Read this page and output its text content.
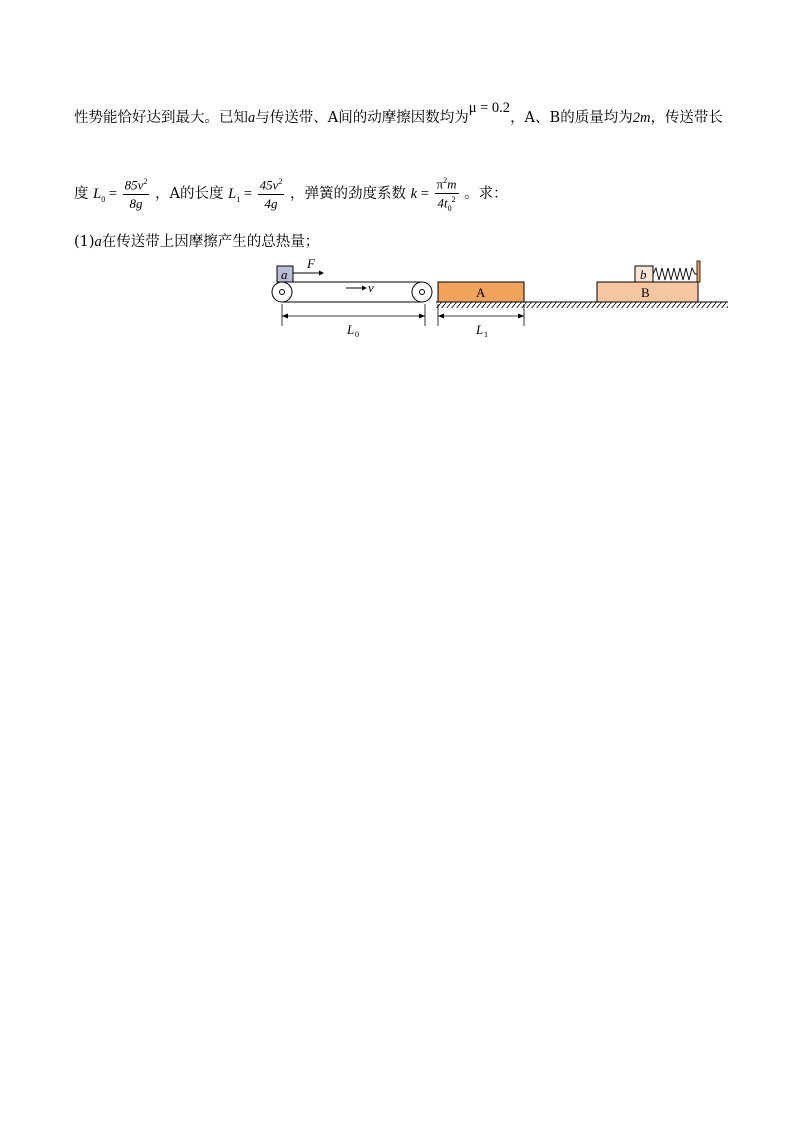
性势能恰好达到最大。已知a与传送带、A间的动摩擦因数均为μ = 0.2，A、B的质量均为2m，传送带长
度 $L_0 = \frac{85v^2}{8g}$ ，A的长度 $L_1 = \frac{45v^2}{4g}$ ，弹簧的劲度系数 $k = \frac{\pi^2m}{4t_0^2}$ 。求：
(1)a在传送带上因摩擦产生的总热量；
v
a
F
A	B
b
L 0	L 1
